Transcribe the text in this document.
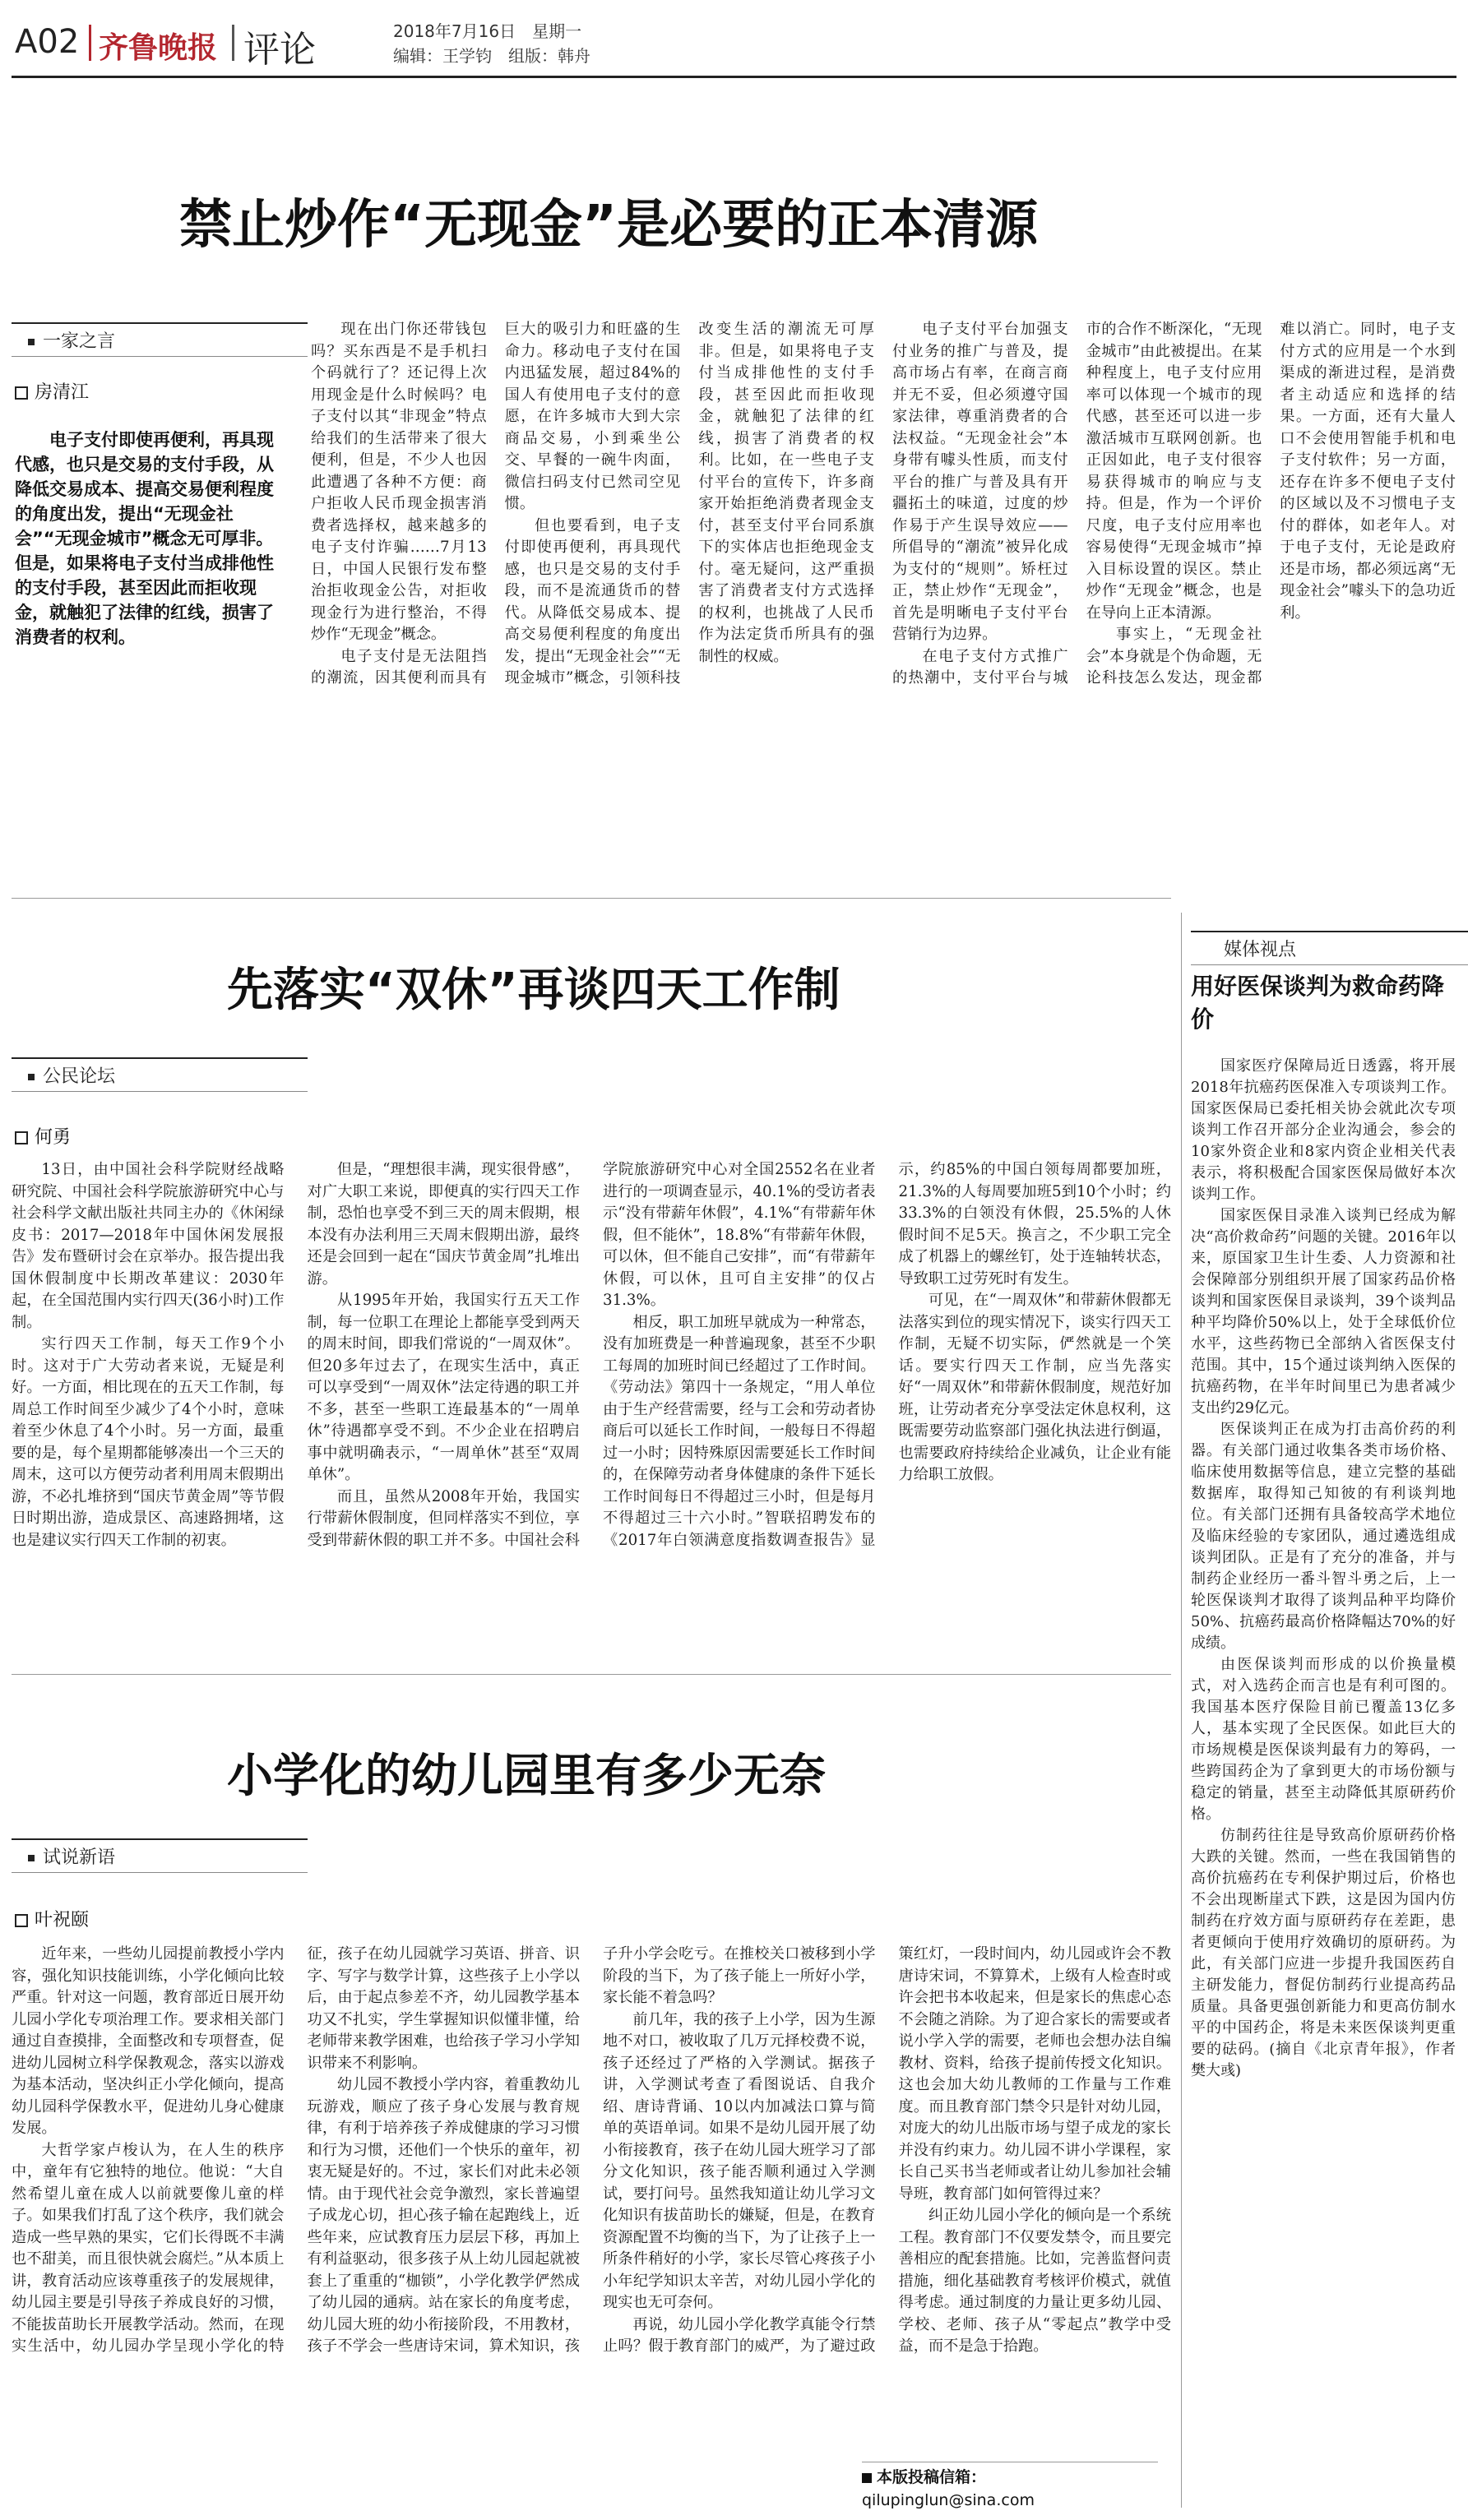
A02 齐鲁晚报 评论	2018年7月16日　星期一
编辑：王学钧　组版：韩舟
禁止炒作“无现金”是必要的正本清源
一家之言
房清江
电子支付即使再便利，再具现代感，也只是交易的支付手段，从降低交易成本、提高交易便利程度的角度出发，提出“无现金社会”“无现金城市”概念无可厚非。但是，如果将电子支付当成排他性的支付手段，甚至因此而拒收现金，就触犯了法律的红线，损害了消费者的权利。

现在出门你还带钱包吗？买东西是不是手机扫个码就行了？还记得上次用现金是什么时候吗？电子支付以其“非现金”特点给我们的生活带来了很大便利，但是，不少人也因此遭遇了各种不方便：商户拒收人民币现金损害消费者选择权，越来越多的电子支付诈骗……7月13日，中国人民银行发布整治拒收现金公告，对拒收现金行为进行整治，不得炒作“无现金”概念。

电子支付是无法阻挡的潮流，因其便利而具有巨大的吸引力和旺盛的生命力。移动电子支付在国内迅猛发展，超过84%的国人有使用电子支付的意愿，在许多城市大到大宗商品交易，小到乘坐公交、早餐的一碗牛肉面，微信扫码支付已然司空见惯。

但也要看到，电子支付即使再便利，再具现代感，也只是交易的支付手段，而不是流通货币的替代。从降低交易成本、提高交易便利程度的角度出发，提出“无现金社会”“无现金城市”概念，引领科技改变生活的潮流无可厚非。但是，如果将电子支付当成排他性的支付手段，甚至因此而拒收现金，就触犯了法律的红线，损害了消费者的权利。比如，在一些电子支付平台的宣传下，许多商家开始拒绝消费者现金支付，甚至支付平台同系旗下的实体店也拒绝现金支付。毫无疑问，这严重损害了消费者支付方式选择的权利，也挑战了人民币作为法定货币所具有的强制性的权威。

电子支付平台加强支付业务的推广与普及，提高市场占有率，在商言商并无不妥，但必须遵守国家法律，尊重消费者的合法权益。“无现金社会”本身带有噱头性质，而支付平台的推广与普及具有开疆拓土的味道，过度的炒作易于产生误导效应——所倡导的“潮流”被异化成为支付的“规则”。矫枉过正，禁止炒作“无现金”，首先是明晰电子支付平台营销行为边界。

在电子支付方式推广的热潮中，支付平台与城市的合作不断深化，“无现金城市”由此被提出。在某种程度上，电子支付应用率可以体现一个城市的现代感，甚至还可以进一步激活城市互联网创新。也正因如此，电子支付很容易获得城市的响应与支持。但是，作为一个评价尺度，电子支付应用率也容易使得“无现金城市”掉入目标设置的误区。禁止炒作“无现金”概念，也是在导向上正本清源。

事实上，“无现金社会”本身就是个伪命题，无论科技怎么发达，现金都难以消亡。同时，电子支付方式的应用是一个水到渠成的渐进过程，是消费者主动适应和选择的结果。一方面，还有大量人口不会使用智能手机和电子支付软件；另一方面，还存在许多不便电子支付的区域以及不习惯电子支付的群体，如老年人。对于电子支付，无论是政府还是市场，都必须远离“无现金社会”噱头下的急功近利。

先落实“双休”再谈四天工作制
公民论坛
何勇

13日，由中国社会科学院财经战略研究院、中国社会科学院旅游研究中心与社会科学文献出版社共同主办的《休闲绿皮书：2017—2018年中国休闲发展报告》发布暨研讨会在京举办。报告提出我国休假制度中长期改革建议：2030年起，在全国范围内实行四天(36小时)工作制。

实行四天工作制，每天工作9个小时。这对于广大劳动者来说，无疑是利好。一方面，相比现在的五天工作制，每周总工作时间至少减少了4个小时，意味着至少休息了4个小时。另一方面，最重要的是，每个星期都能够凑出一个三天的周末，这可以方便劳动者利用周末假期出游，不必扎堆挤到“国庆节黄金周”等节假日时期出游，造成景区、高速路拥堵，这也是建议实行四天工作制的初衷。

但是，“理想很丰满，现实很骨感”，对广大职工来说，即便真的实行四天工作制，恐怕也享受不到三天的周末假期，根本没有办法利用三天周末假期出游，最终还是会回到一起在“国庆节黄金周”扎堆出游。

从1995年开始，我国实行五天工作制，每一位职工在理论上都能享受到两天的周末时间，即我们常说的“一周双休”。但20多年过去了，在现实生活中，真正可以享受到“一周双休”法定待遇的职工并不多，甚至一些职工连最基本的“一周单休”待遇都享受不到。不少企业在招聘启事中就明确表示，“一周单休”甚至“双周单休”。

而且，虽然从2008年开始，我国实行带薪休假制度，但同样落实不到位，享受到带薪休假的职工并不多。中国社会科学院旅游研究中心对全国2552名在业者进行的一项调查显示，40.1%的受访者表示“没有带薪年休假”，4.1%“有带薪年休假，但不能休”，18.8%“有带薪年休假，可以休，但不能自己安排”，而“有带薪年休假，可以休，且可自主安排”的仅占31.3%。

相反，职工加班早就成为一种常态，没有加班费是一种普遍现象，甚至不少职工每周的加班时间已经超过了工作时间。《劳动法》第四十一条规定，“用人单位由于生产经营需要，经与工会和劳动者协商后可以延长工作时间，一般每日不得超过一小时；因特殊原因需要延长工作时间的，在保障劳动者身体健康的条件下延长工作时间每日不得超过三小时，但是每月不得超过三十六小时。”智联招聘发布的《2017年白领满意度指数调查报告》显示，约85%的中国白领每周都要加班，21.3%的人每周要加班5到10个小时；约33.3%的白领没有休假，25.5%的人休假时间不足5天。换言之，不少职工完全成了机器上的螺丝钉，处于连轴转状态，导致职工过劳死时有发生。

可见，在“一周双休”和带薪休假都无法落实到位的现实情况下，谈实行四天工作制，无疑不切实际，俨然就是一个笑话。要实行四天工作制，应当先落实好“一周双休”和带薪休假制度，规范好加班，让劳动者充分享受法定休息权利，这既需要劳动监察部门强化执法进行倒逼，也需要政府持续给企业减负，让企业有能力给职工放假。

小学化的幼儿园里有多少无奈
试说新语
叶祝颐

近年来，一些幼儿园提前教授小学内容，强化知识技能训练，小学化倾向比较严重。针对这一问题，教育部近日展开幼儿园小学化专项治理工作。要求相关部门通过自查摸排，全面整改和专项督查，促进幼儿园树立科学保教观念，落实以游戏为基本活动，坚决纠正小学化倾向，提高幼儿园科学保教水平，促进幼儿身心健康发展。

大哲学家卢梭认为，在人生的秩序中，童年有它独特的地位。他说：“大自然希望儿童在成人以前就要像儿童的样子。如果我们打乱了这个秩序，我们就会造成一些早熟的果实，它们长得既不丰满也不甜美，而且很快就会腐烂。”从本质上讲，教育活动应该尊重孩子的发展规律，幼儿园主要是引导孩子养成良好的习惯，不能拔苗助长开展教学活动。然而，在现实生活中，幼儿园办学呈现小学化的特征，孩子在幼儿园就学习英语、拼音、识字、写字与数学计算，这些孩子上小学以后，由于起点参差不齐，幼儿园教学基本功又不扎实，学生掌握知识似懂非懂，给老师带来教学困难，也给孩子学习小学知识带来不利影响。

幼儿园不教授小学内容，着重教幼儿玩游戏，顺应了孩子身心发展与教育规律，有利于培养孩子养成健康的学习习惯和行为习惯，还他们一个快乐的童年，初衷无疑是好的。不过，家长们对此未必领情。由于现代社会竞争激烈，家长普遍望子成龙心切，担心孩子输在起跑线上，近些年来，应试教育压力层层下移，再加上有利益驱动，很多孩子从上幼儿园起就被套上了重重的“枷锁”，小学化教学俨然成了幼儿园的通病。站在家长的角度考虑，幼儿园大班的幼小衔接阶段，不用教材，孩子不学会一些唐诗宋词，算术知识，孩子升小学会吃亏。在推校关口被移到小学阶段的当下，为了孩子能上一所好小学，家长能不着急吗？

前几年，我的孩子上小学，因为生源地不对口，被收取了几万元择校费不说，孩子还经过了严格的入学测试。据孩子讲，入学测试考查了看图说话、自我介绍、唐诗背诵、10以内加减法口算与简单的英语单词。如果不是幼儿园开展了幼小衔接教育，孩子在幼儿园大班学习了部分文化知识，孩子能否顺利通过入学测试，要打问号。虽然我知道让幼儿学习文化知识有拔苗助长的嫌疑，但是，在教育资源配置不均衡的当下，为了让孩子上一所条件稍好的小学，家长尽管心疼孩子小小年纪学知识太辛苦，对幼儿园小学化的现实也无可奈何。

再说，幼儿园小学化教学真能令行禁止吗？假于教育部门的威严，为了避过政策红灯，一段时间内，幼儿园或许会不教唐诗宋词，不算算术，上级有人检查时或许会把书本收起来，但是家长的焦虑心态不会随之消除。为了迎合家长的需要或者说小学入学的需要，老师也会想办法自编教材、资料，给孩子提前传授文化知识。这也会加大幼儿教师的工作量与工作难度。而且教育部门禁令只是针对幼儿园，对庞大的幼儿出版市场与望子成龙的家长并没有约束力。幼儿园不讲小学课程，家长自己买书当老师或者让幼儿参加社会辅导班，教育部门如何管得过来？

纠正幼儿园小学化的倾向是一个系统工程。教育部门不仅要发禁令，而且要完善相应的配套措施。比如，完善监督问责措施，细化基础教育考核评价模式，就值得考虑。通过制度的力量让更多幼儿园、学校、老师、孩子从“零起点”教学中受益，而不是急于拾跑。

本版投稿信箱：
qilupinglun@sina.com
媒体视点
用好医保谈判为救命药降价

国家医疗保障局近日透露，将开展2018年抗癌药医保准入专项谈判工作。国家医保局已委托相关协会就此次专项谈判工作召开部分企业沟通会，参会的10家外资企业和8家内资企业相关代表表示，将积极配合国家医保局做好本次谈判工作。

国家医保目录准入谈判已经成为解决“高价救命药”问题的关键。2016年以来，原国家卫生计生委、人力资源和社会保障部分别组织开展了国家药品价格谈判和国家医保目录谈判，39个谈判品种平均降价50%以上，处于全球低价位水平，这些药物已全部纳入省医保支付范围。其中，15个通过谈判纳入医保的抗癌药物，在半年时间里已为患者减少支出约29亿元。

医保谈判正在成为打击高价药的利器。有关部门通过收集各类市场价格、临床使用数据等信息，建立完整的基础数据库，取得知己知彼的有利谈判地位。有关部门还拥有具备较高学术地位及临床经验的专家团队，通过遴选组成谈判团队。正是有了充分的准备，并与制药企业经历一番斗智斗勇之后，上一轮医保谈判才取得了谈判品种平均降价50%、抗癌药最高价格降幅达70%的好成绩。

由医保谈判而形成的以价换量模式，对入选药企而言也是有利可图的。我国基本医疗保险目前已覆盖13亿多人，基本实现了全民医保。如此巨大的市场规模是医保谈判最有力的筹码，一些跨国药企为了拿到更大的市场份额与稳定的销量，甚至主动降低其原研药价格。

仿制药往往是导致高价原研药价格大跌的关键。然而，一些在我国销售的高价抗癌药在专利保护期过后，价格也不会出现断崖式下跌，这是因为国内仿制药在疗效方面与原研药存在差距，患者更倾向于使用疗效确切的原研药。为此，有关部门应进一步提升我国医药自主研发能力，督促仿制药行业提高药品质量。具备更强创新能力和更高仿制水平的中国药企，将是未来医保谈判更重要的砝码。(摘自《北京青年报》，作者樊大彧)
